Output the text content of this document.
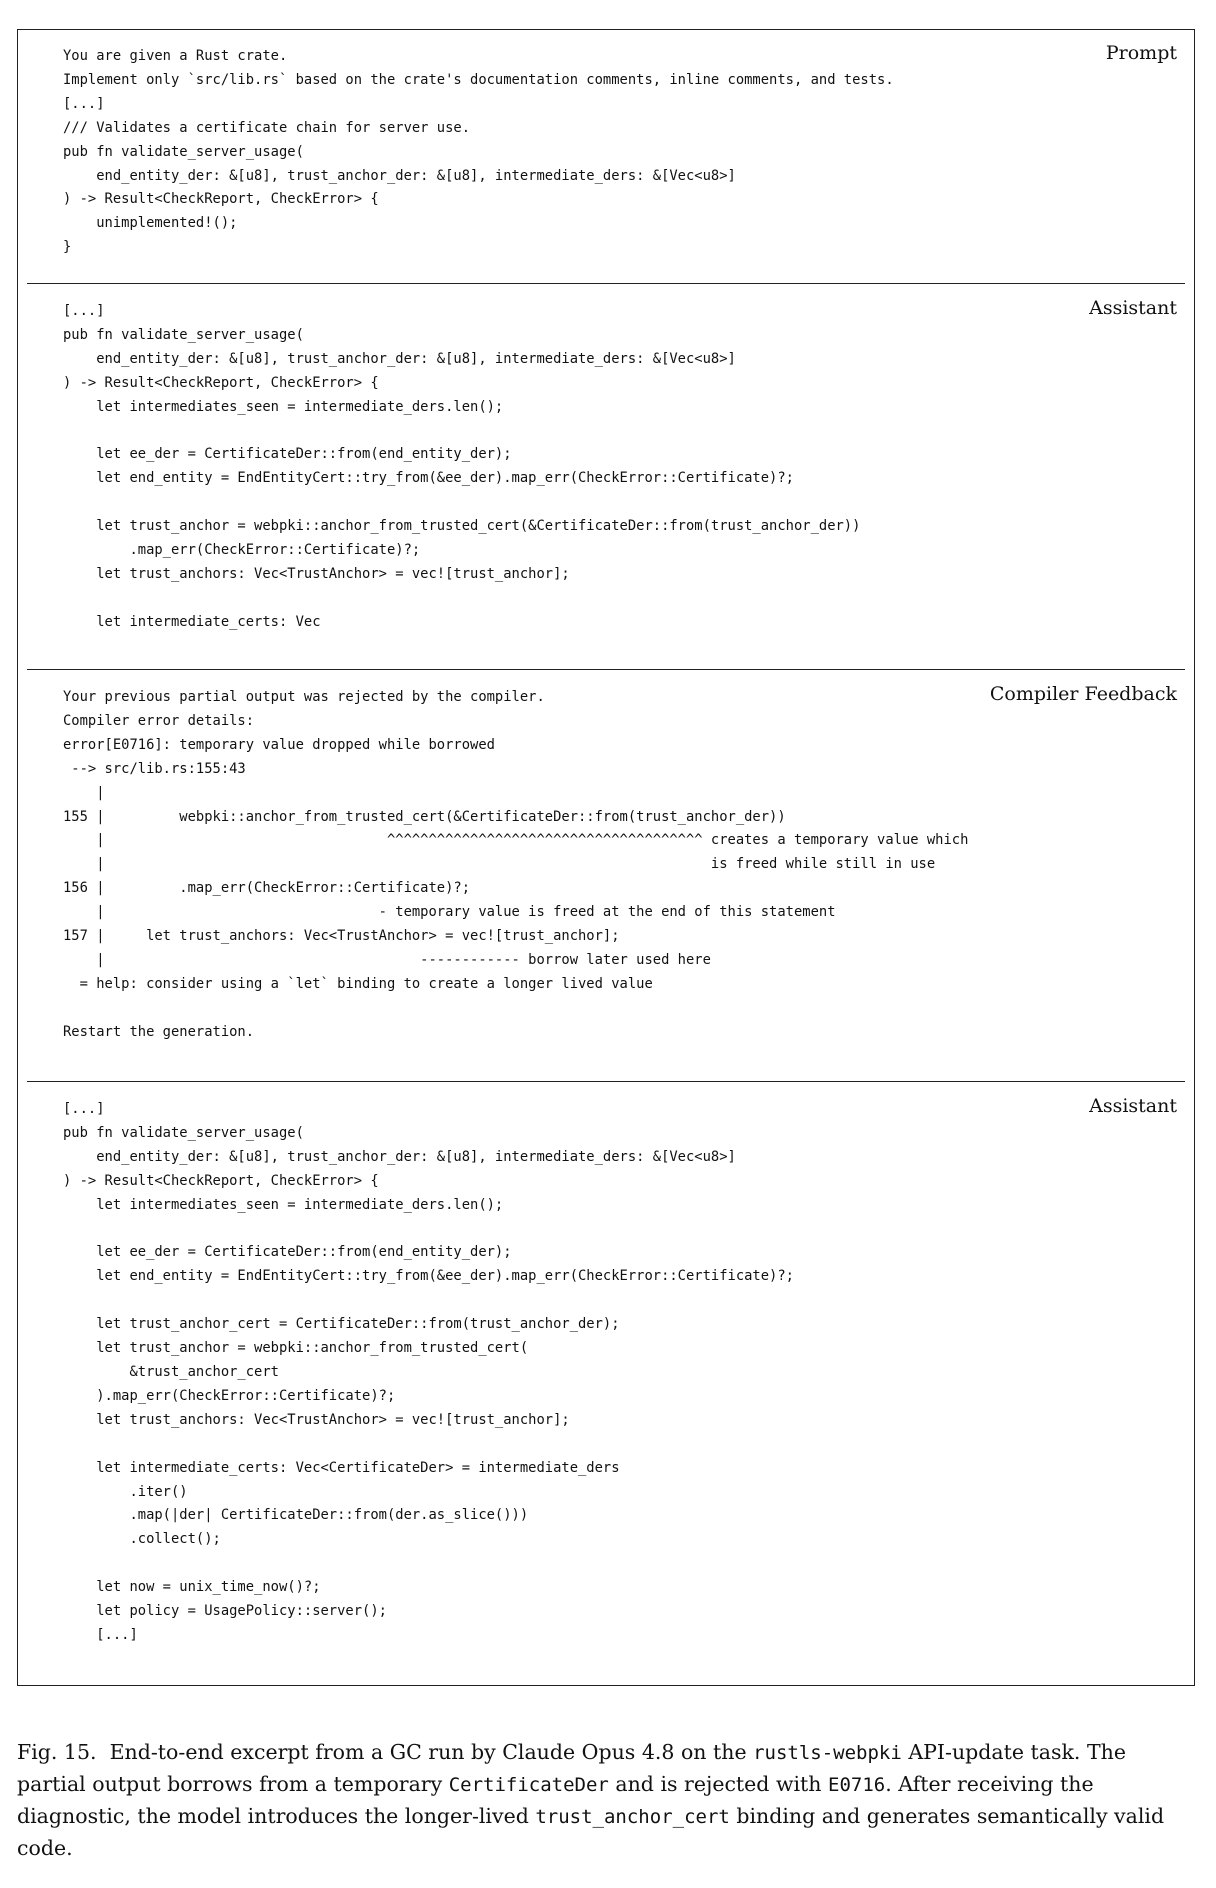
Prompt
You are given a Rust crate.
Implement only `src/lib.rs` based on the crate's documentation comments, inline comments, and tests.
[...]
/// Validates a certificate chain for server use.
pub fn validate_server_usage(
end_entity_der: &[u8], trust_anchor_der: &[u8], intermediate_ders: &[Vec<u8>]
) -> Result<CheckReport, CheckError> {
unimplemented!();
}
Assistant
[...]
pub fn validate_server_usage(
end_entity_der: &[u8], trust_anchor_der: &[u8], intermediate_ders: &[Vec<u8>]
) -> Result<CheckReport, CheckError> {
let intermediates_seen = intermediate_ders.len();

let ee_der = CertificateDer::from(end_entity_der);
let end_entity = EndEntityCert::try_from(&ee_der).map_err(CheckError::Certificate)?;

let trust_anchor = webpki::anchor_from_trusted_cert(&CertificateDer::from(trust_anchor_der))
.map_err(CheckError::Certificate)?;
let trust_anchors: Vec<TrustAnchor> = vec![trust_anchor];

let intermediate_certs: Vec
Compiler Feedback
Your previous partial output was rejected by the compiler.
Compiler error details:
error[E0716]: temporary value dropped while borrowed
--> src/lib.rs:155:43
|
155 |         webpki::anchor_from_trusted_cert(&CertificateDer::from(trust_anchor_der))
|                                  ^^^^^^^^^^^^^^^^^^^^^^^^^^^^^^^^^^^^^^ creates a temporary value which
|                                                                         is freed while still in use
156 |         .map_err(CheckError::Certificate)?;
|                                 - temporary value is freed at the end of this statement
157 |     let trust_anchors: Vec<TrustAnchor> = vec![trust_anchor];
|                                      ------------ borrow later used here
= help: consider using a `let` binding to create a longer lived value

Restart the generation.
Assistant
[...]
pub fn validate_server_usage(
end_entity_der: &[u8], trust_anchor_der: &[u8], intermediate_ders: &[Vec<u8>]
) -> Result<CheckReport, CheckError> {
let intermediates_seen = intermediate_ders.len();

let ee_der = CertificateDer::from(end_entity_der);
let end_entity = EndEntityCert::try_from(&ee_der).map_err(CheckError::Certificate)?;

let trust_anchor_cert = CertificateDer::from(trust_anchor_der);
let trust_anchor = webpki::anchor_from_trusted_cert(
&trust_anchor_cert
).map_err(CheckError::Certificate)?;
let trust_anchors: Vec<TrustAnchor> = vec![trust_anchor];

let intermediate_certs: Vec<CertificateDer> = intermediate_ders
.iter()
.map(|der| CertificateDer::from(der.as_slice()))
.collect();

let now = unix_time_now()?;
let policy = UsagePolicy::server();
[...]
Fig. 15. End-to-end excerpt from a GC run by Claude Opus 4.8 on the rustls-webpki API-update task. The partial output borrows from a temporary CertificateDer and is rejected with E0716. After receiving the diagnostic, the model introduces the longer-lived trust_anchor_cert binding and generates semantically valid code.
